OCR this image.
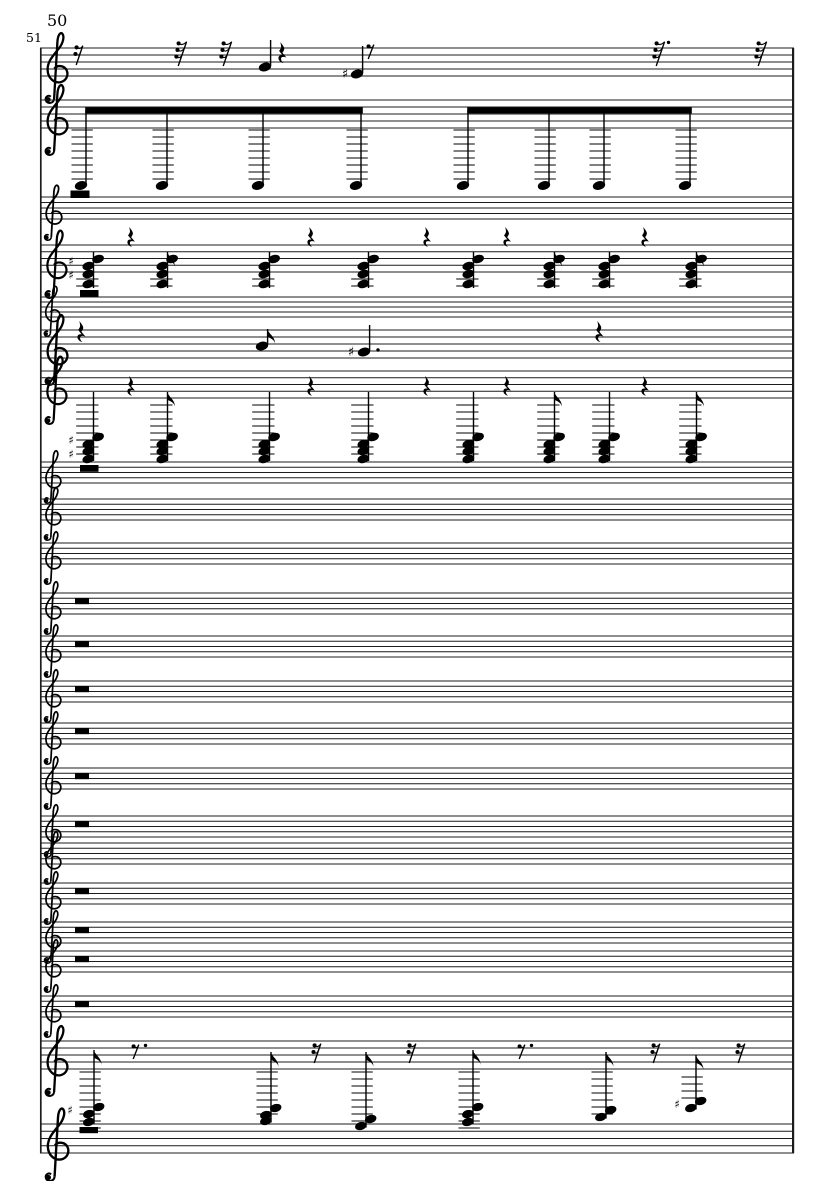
50
51
♯
♯
♯
♯
♯
♯
♯	♯
